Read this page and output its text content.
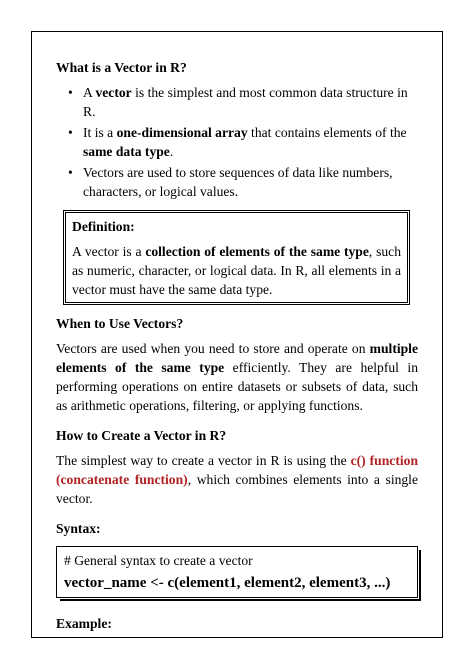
What is a Vector in R?
• A vector is the simplest and most common data structure in R.
• It is a one-dimensional array that contains elements of the same data type.
• Vectors are used to store sequences of data like numbers, characters, or logical values.
Definition:
A vector is a collection of elements of the same type, such as numeric, character, or logical data. In R, all elements in a vector must have the same data type.
When to Use Vectors?
Vectors are used when you need to store and operate on multiple elements of the same type efficiently. They are helpful in performing operations on entire datasets or subsets of data, such as arithmetic operations, filtering, or applying functions.
How to Create a Vector in R?
The simplest way to create a vector in R is using the c() function (concatenate function), which combines elements into a single vector.
Syntax:
# General syntax to create a vector
vector_name <- c(element1, element2, element3, ...)
Example:
